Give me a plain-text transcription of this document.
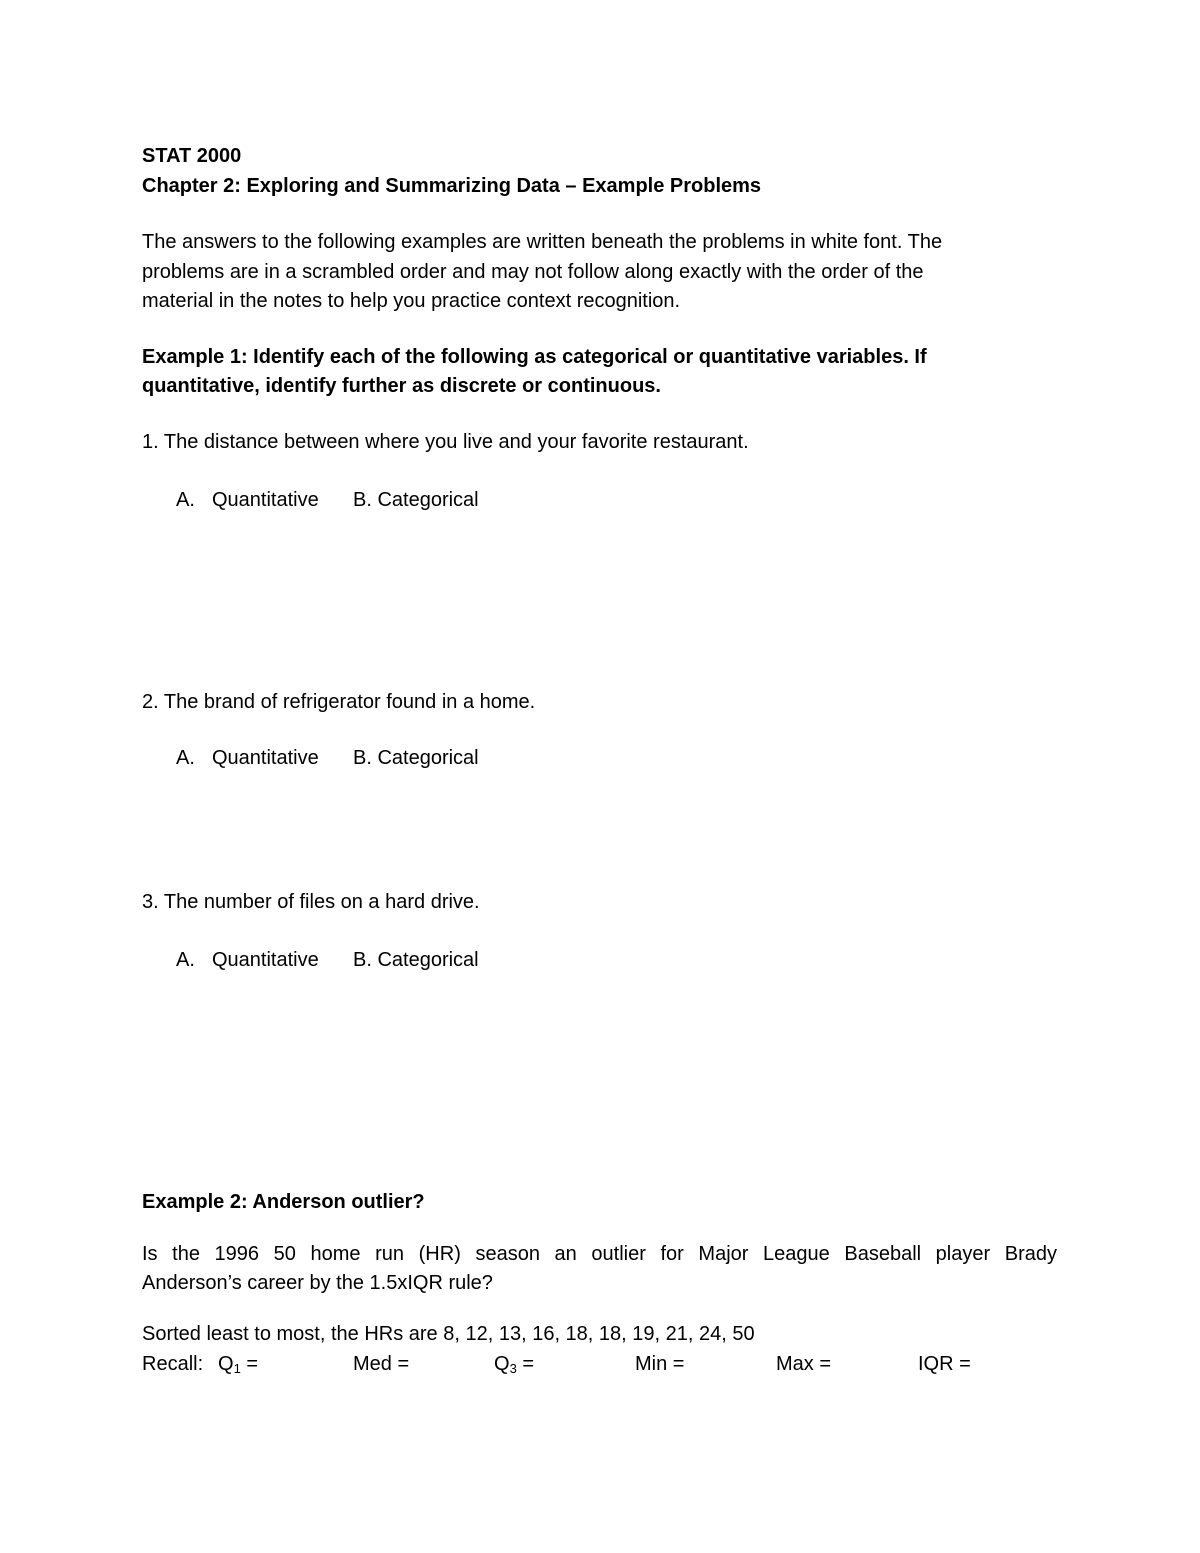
STAT 2000
Chapter 2: Exploring and Summarizing Data – Example Problems
The answers to the following examples are written beneath the problems in white font. The
problems are in a scrambled order and may not follow along exactly with the order of the
material in the notes to help you practice context recognition.
Example 1: Identify each of the following as categorical or quantitative variables. If
quantitative, identify further as discrete or continuous.
1. The distance between where you live and your favorite restaurant.
A. Quantitative B. Categorical
2. The brand of refrigerator found in a home.
A. Quantitative B. Categorical
3. The number of files on a hard drive.
A. Quantitative B. Categorical
Example 2: Anderson outlier?
Is the 1996 50 home run (HR) season an outlier for Major League Baseball player Brady
Anderson’s career by the 1.5xIQR rule?
Sorted least to most, the HRs are 8, 12, 13, 16, 18, 18, 19, 21, 24, 50
Recall: $Q_1$ =	Med =	$Q_3$ =	Min =	Max =	IQR =
